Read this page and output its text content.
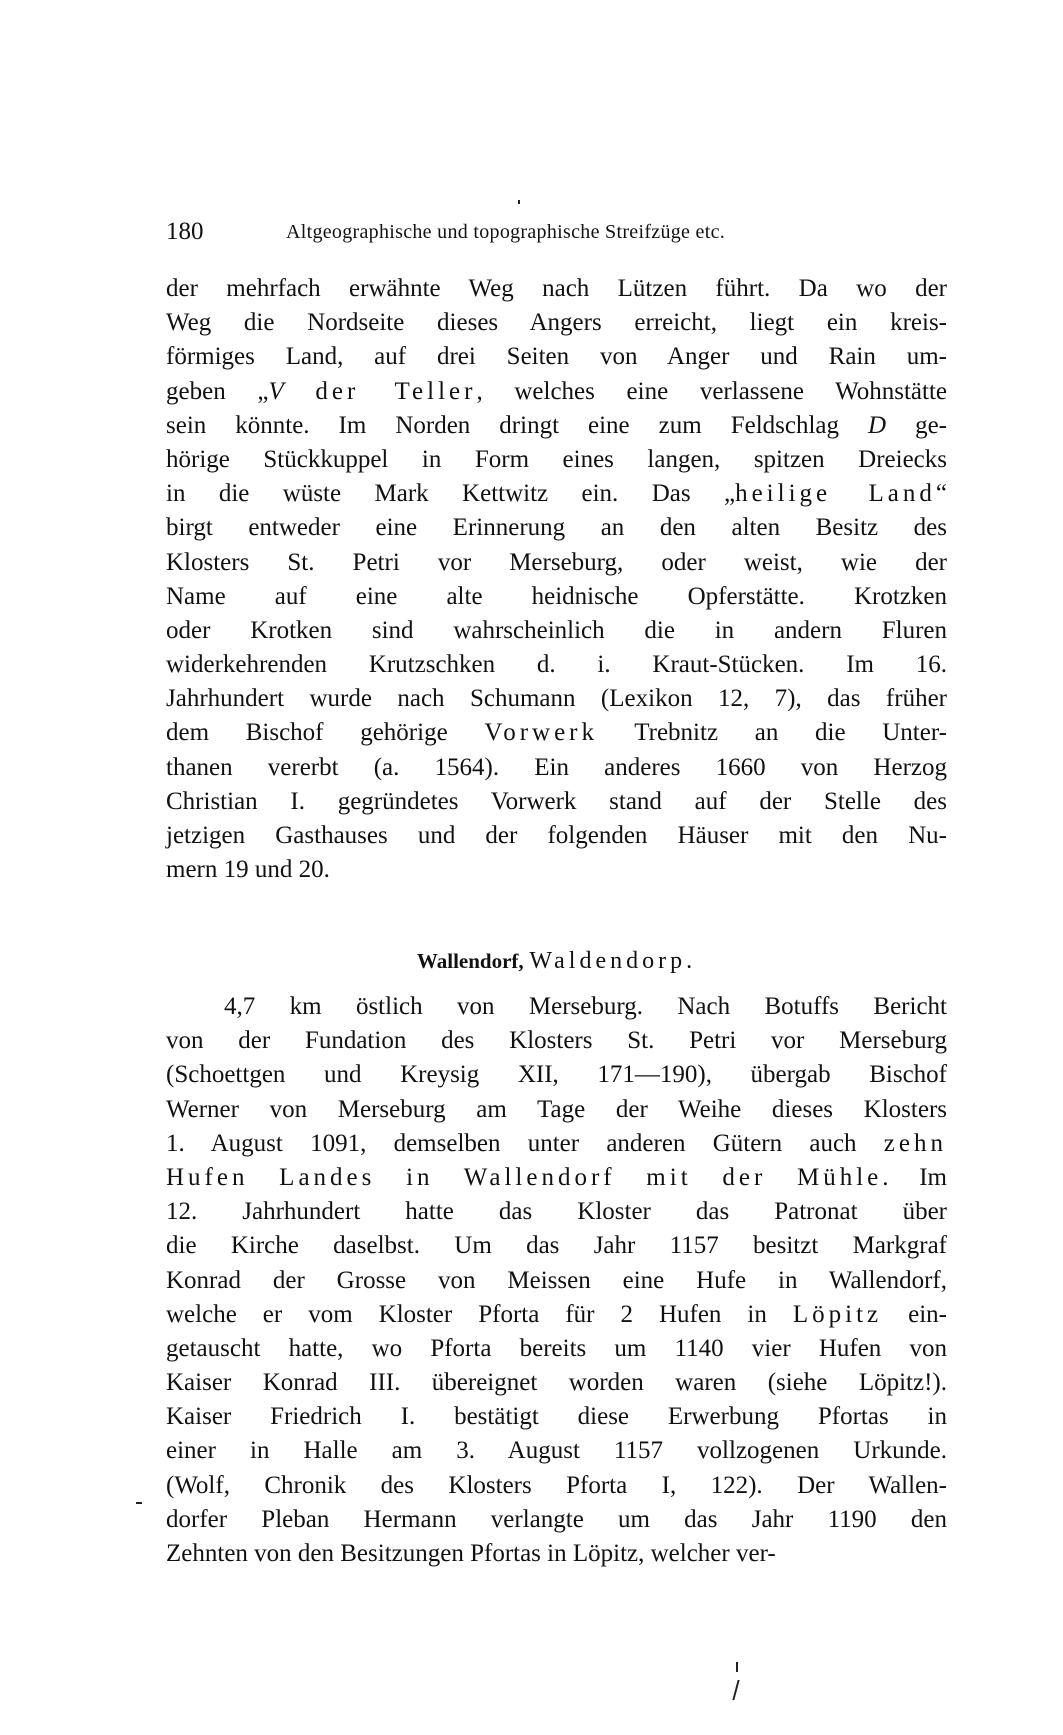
180	Altgeographische und topographische Streifzüge etc.
der mehrfach erwähnte Weg nach Lützen führt. Da wo der
Weg die Nordseite dieses Angers erreicht, liegt ein kreis-
förmiges Land, auf drei Seiten von Anger und Rain um-
geben „V der Teller, welches eine verlassene Wohnstätte
sein könnte. Im Norden dringt eine zum Feldschlag D ge-
hörige Stückkuppel in Form eines langen, spitzen Dreiecks
in die wüste Mark Kettwitz ein. Das „heilige Land“
birgt entweder eine Erinnerung an den alten Besitz des
Klosters St. Petri vor Merseburg, oder weist, wie der
Name auf eine alte heidnische Opferstätte. Krotzken
oder Krotken sind wahrscheinlich die in andern Fluren
widerkehrenden Krutzschken d. i. Kraut-Stücken. Im 16.
Jahrhundert wurde nach Schumann (Lexikon 12, 7), das früher
dem Bischof gehörige Vorwerk Trebnitz an die Unter-
thanen vererbt (a. 1564). Ein anderes 1660 von Herzog
Christian I. gegründetes Vorwerk stand auf der Stelle des
jetzigen Gasthauses und der folgenden Häuser mit den Nu-
mern 19 und 20.
Wallendorf, Waldendorp.
4,7 km östlich von Merseburg. Nach Botuffs Bericht
von der Fundation des Klosters St. Petri vor Merseburg
(Schoettgen und Kreysig XII, 171—190), übergab Bischof
Werner von Merseburg am Tage der Weihe dieses Klosters
1. August 1091, demselben unter anderen Gütern auch zehn
Hufen Landes in Wallendorf mit der Mühle. Im
12. Jahrhundert hatte das Kloster das Patronat über
die Kirche daselbst. Um das Jahr 1157 besitzt Markgraf
Konrad der Grosse von Meissen eine Hufe in Wallendorf,
welche er vom Kloster Pforta für 2 Hufen in Löpitz ein-
getauscht hatte, wo Pforta bereits um 1140 vier Hufen von
Kaiser Konrad III. übereignet worden waren (siehe Löpitz!).
Kaiser Friedrich I. bestätigt diese Erwerbung Pfortas in
einer in Halle am 3. August 1157 vollzogenen Urkunde.
(Wolf, Chronik des Klosters Pforta I, 122). Der Wallen-
dorfer Pleban Hermann verlangte um das Jahr 1190 den
Zehnten von den Besitzungen Pfortas in Löpitz, welcher ver-
